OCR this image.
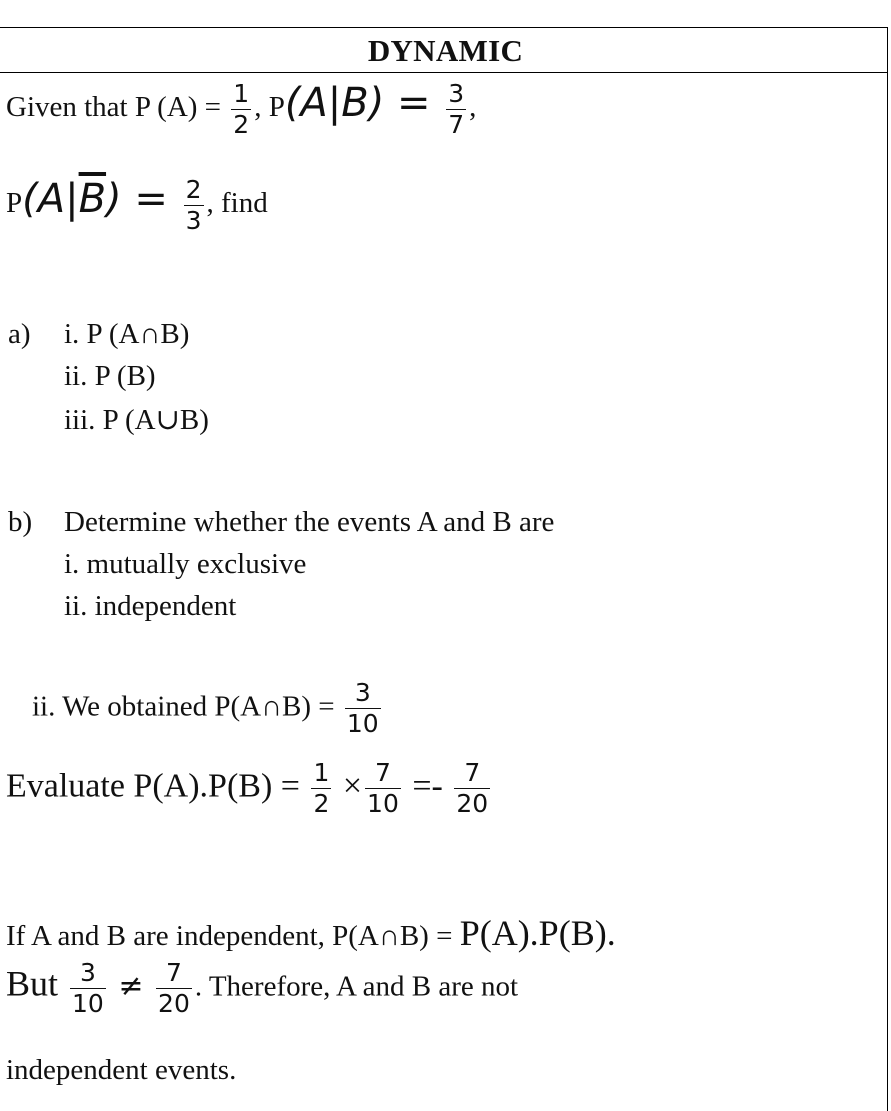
DYNAMIC
Given that P $(A) = \frac{1}{2}$ , $P(A|B) = \frac{3}{7}$ ,
$P(A|\overline{B}) = \frac{2}{3}$ , find
a) i. P (A∩B)
ii. P (B)
iii. P (A∪B)
b) Determine whether the events A and B are
i. mutually exclusive
ii. independent
ii. We obtained P(A∩B) = $\frac{3}{10}$
Evaluate $P(A).P(B) = \frac{1}{2} \times \frac{7}{10} =- \frac{7}{20}$
If A and B are independent, P(A∩B) = P(A).P(B).
But $\frac{3}{10} \ne \frac{7}{20}$ . Therefore, A and B are not
independent events.
